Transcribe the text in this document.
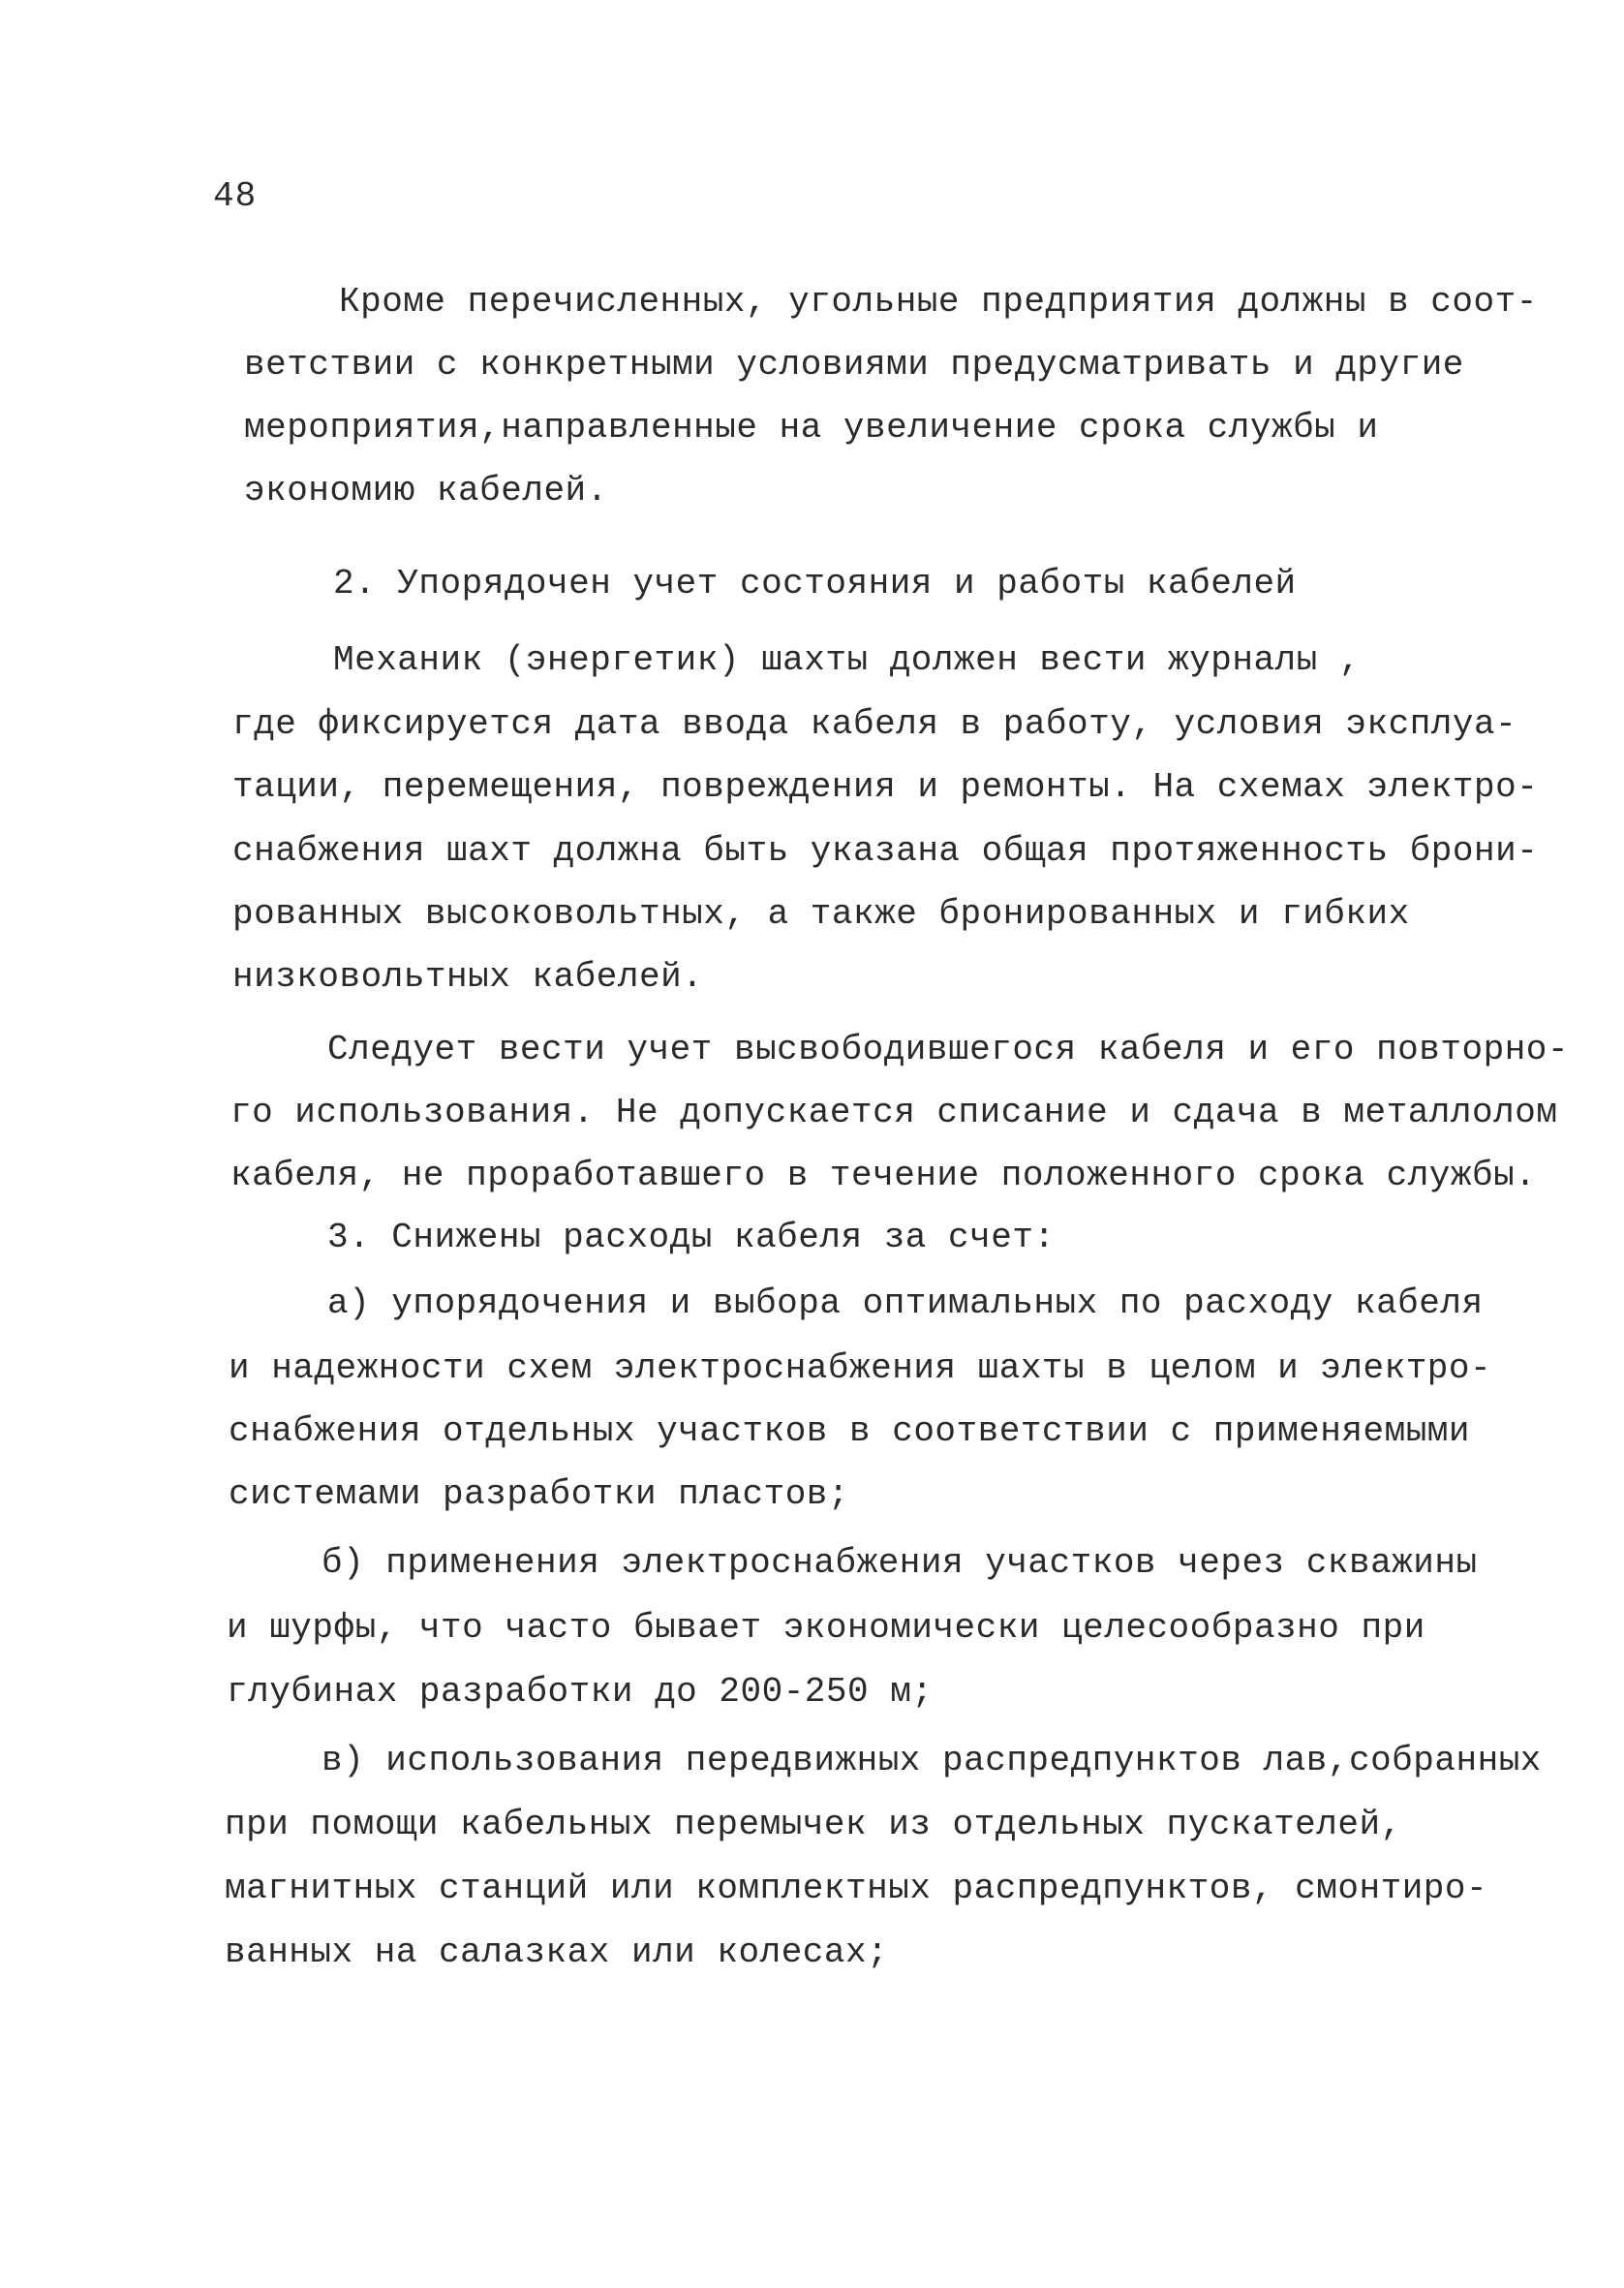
48
Кроме перечисленных, угольные предприятия должны в соот-
ветствии с конкретными условиями предусматривать и другие
мероприятия,направленные на увеличение срока службы и
экономию кабелей.
2. Упорядочен учет состояния и работы кабелей
Механик (энергетик) шахты должен вести журналы ,
где фиксируется дата ввода кабеля в работу, условия эксплуа-
тации, перемещения, повреждения и ремонты. На схемах электро-
снабжения шахт должна быть указана общая протяженность брони-
рованных высоковольтных, а также бронированных и гибких
низковольтных кабелей.
Следует вести учет высвободившегося кабеля и его повторно-
го использования. Не допускается списание и сдача в металлолом
кабеля, не проработавшего в течение положенного срока службы.
3. Снижены расходы кабеля за счет:
а) упорядочения и выбора оптимальных по расходу кабеля
и надежности схем электроснабжения шахты в целом и электро-
снабжения отдельных участков в соответствии с применяемыми
системами разработки пластов;
б) применения электроснабжения участков через скважины
и шурфы, что часто бывает экономически целесообразно при
глубинах разработки до 200-250 м;
в) использования передвижных распредпунктов лав,собранных
при помощи кабельных перемычек из отдельных пускателей,
магнитных станций или комплектных распредпунктов, смонтиро-
ванных на салазках или колесах;
